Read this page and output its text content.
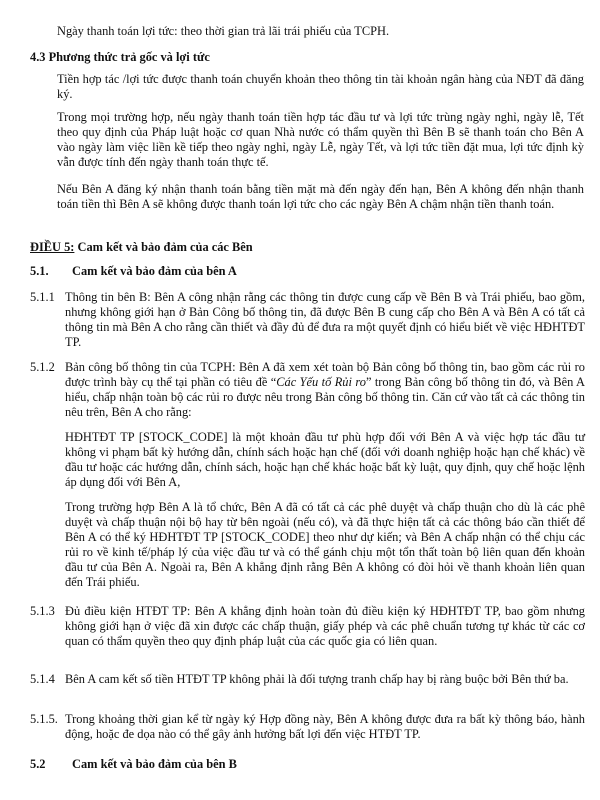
Ngày thanh toán lợi tức: theo thời gian trả lãi trái phiếu của TCPH.

4.3 Phương thức trả gốc và lợi tức

Tiền hợp tác /lợi tức được thanh toán chuyển khoản theo thông tin tài khoản ngân hàng của NĐT đã đăng ký.

Trong mọi trường hợp, nếu ngày thanh toán tiền hợp tác đầu tư và lợi tức trùng ngày nghỉ, ngày lễ, Tết theo quy định của Pháp luật hoặc cơ quan Nhà nước có thẩm quyền thì Bên B sẽ thanh toán cho Bên A vào ngày làm việc liền kề tiếp theo ngày nghỉ, ngày Lễ, ngày Tết, và lợi tức tiền đặt mua, lợi tức định kỳ vẫn được tính đến ngày thanh toán thực tế.

Nếu Bên A đăng ký nhận thanh toán bằng tiền mặt mà đến ngày đến hạn, Bên A không đến nhận thanh toán tiền thì Bên A sẽ không được thanh toán lợi tức cho các ngày Bên A chậm nhận tiền thanh toán.

ĐIỀU 5: Cam kết và bảo đảm của các Bên

5.1. Cam kết và bảo đảm của bên A

5.1.1 Thông tin bên B: Bên A công nhận rằng các thông tin được cung cấp về Bên B và Trái phiếu, bao gồm, nhưng không giới hạn ở Bản Công bố thông tin, đã được Bên B cung cấp cho Bên A và Bên A có tất cả thông tin mà Bên A cho rằng cần thiết và đầy đủ để đưa ra một quyết định có hiểu biết về việc HĐHTĐT TP.

5.1.2 Bản công bố thông tin của TCPH: Bên A đã xem xét toàn bộ Bản công bố thông tin, bao gồm các rủi ro được trình bày cụ thể tại phần có tiêu đề “Các Yếu tố Rủi ro” trong Bản công bố thông tin đó, và Bên A hiểu, chấp nhận toàn bộ các rủi ro được nêu trong Bản công bố thông tin. Căn cứ vào tất cả các thông tin nêu trên, Bên A cho rằng:

HĐHTĐT TP [STOCK_CODE] là một khoản đầu tư phù hợp đối với Bên A và việc hợp tác đầu tư không vi phạm bất kỳ hướng dẫn, chính sách hoặc hạn chế (đối với doanh nghiệp hoặc hạn chế khác) về đầu tư hoặc các hướng dẫn, chính sách, hoặc hạn chế khác hoặc bất kỳ luật, quy định, quy chế hoặc lệnh áp dụng đối với Bên A,

Trong trường hợp Bên A là tổ chức, Bên A đã có tất cả các phê duyệt và chấp thuận cho dù là các phê duyệt và chấp thuận nội bộ hay từ bên ngoài (nếu có), và đã thực hiện tất cả các thông báo cần thiết để Bên A có thể ký HĐHTĐT TP [STOCK_CODE] theo như dự kiến; và Bên A chấp nhận có thể chịu các rủi ro về kinh tế/pháp lý của việc đầu tư và có thể gánh chịu một tổn thất toàn bộ liên quan đến khoản đầu tư của Bên A. Ngoài ra, Bên A khẳng định rằng Bên A không có đòi hỏi về thanh khoản liên quan đến Trái phiếu.

5.1.3 Đủ điều kiện HTĐT TP: Bên A khẳng định hoàn toàn đủ điều kiện ký HĐHTĐT TP, bao gồm nhưng không giới hạn ở việc đã xin được các chấp thuận, giấy phép và các phê chuẩn tương tự khác từ các cơ quan có thẩm quyền theo quy định pháp luật của các quốc gia có liên quan.

5.1.4 Bên A cam kết số tiền HTĐT TP không phải là đối tượng tranh chấp hay bị ràng buộc bởi Bên thứ ba.

5.1.5. Trong khoảng thời gian kể từ ngày ký Hợp đồng này, Bên A không được đưa ra bất kỳ thông báo, hành động, hoặc đe dọa nào có thể gây ảnh hưởng bất lợi đến việc HTĐT TP.

5.2 Cam kết và bảo đảm của bên B
